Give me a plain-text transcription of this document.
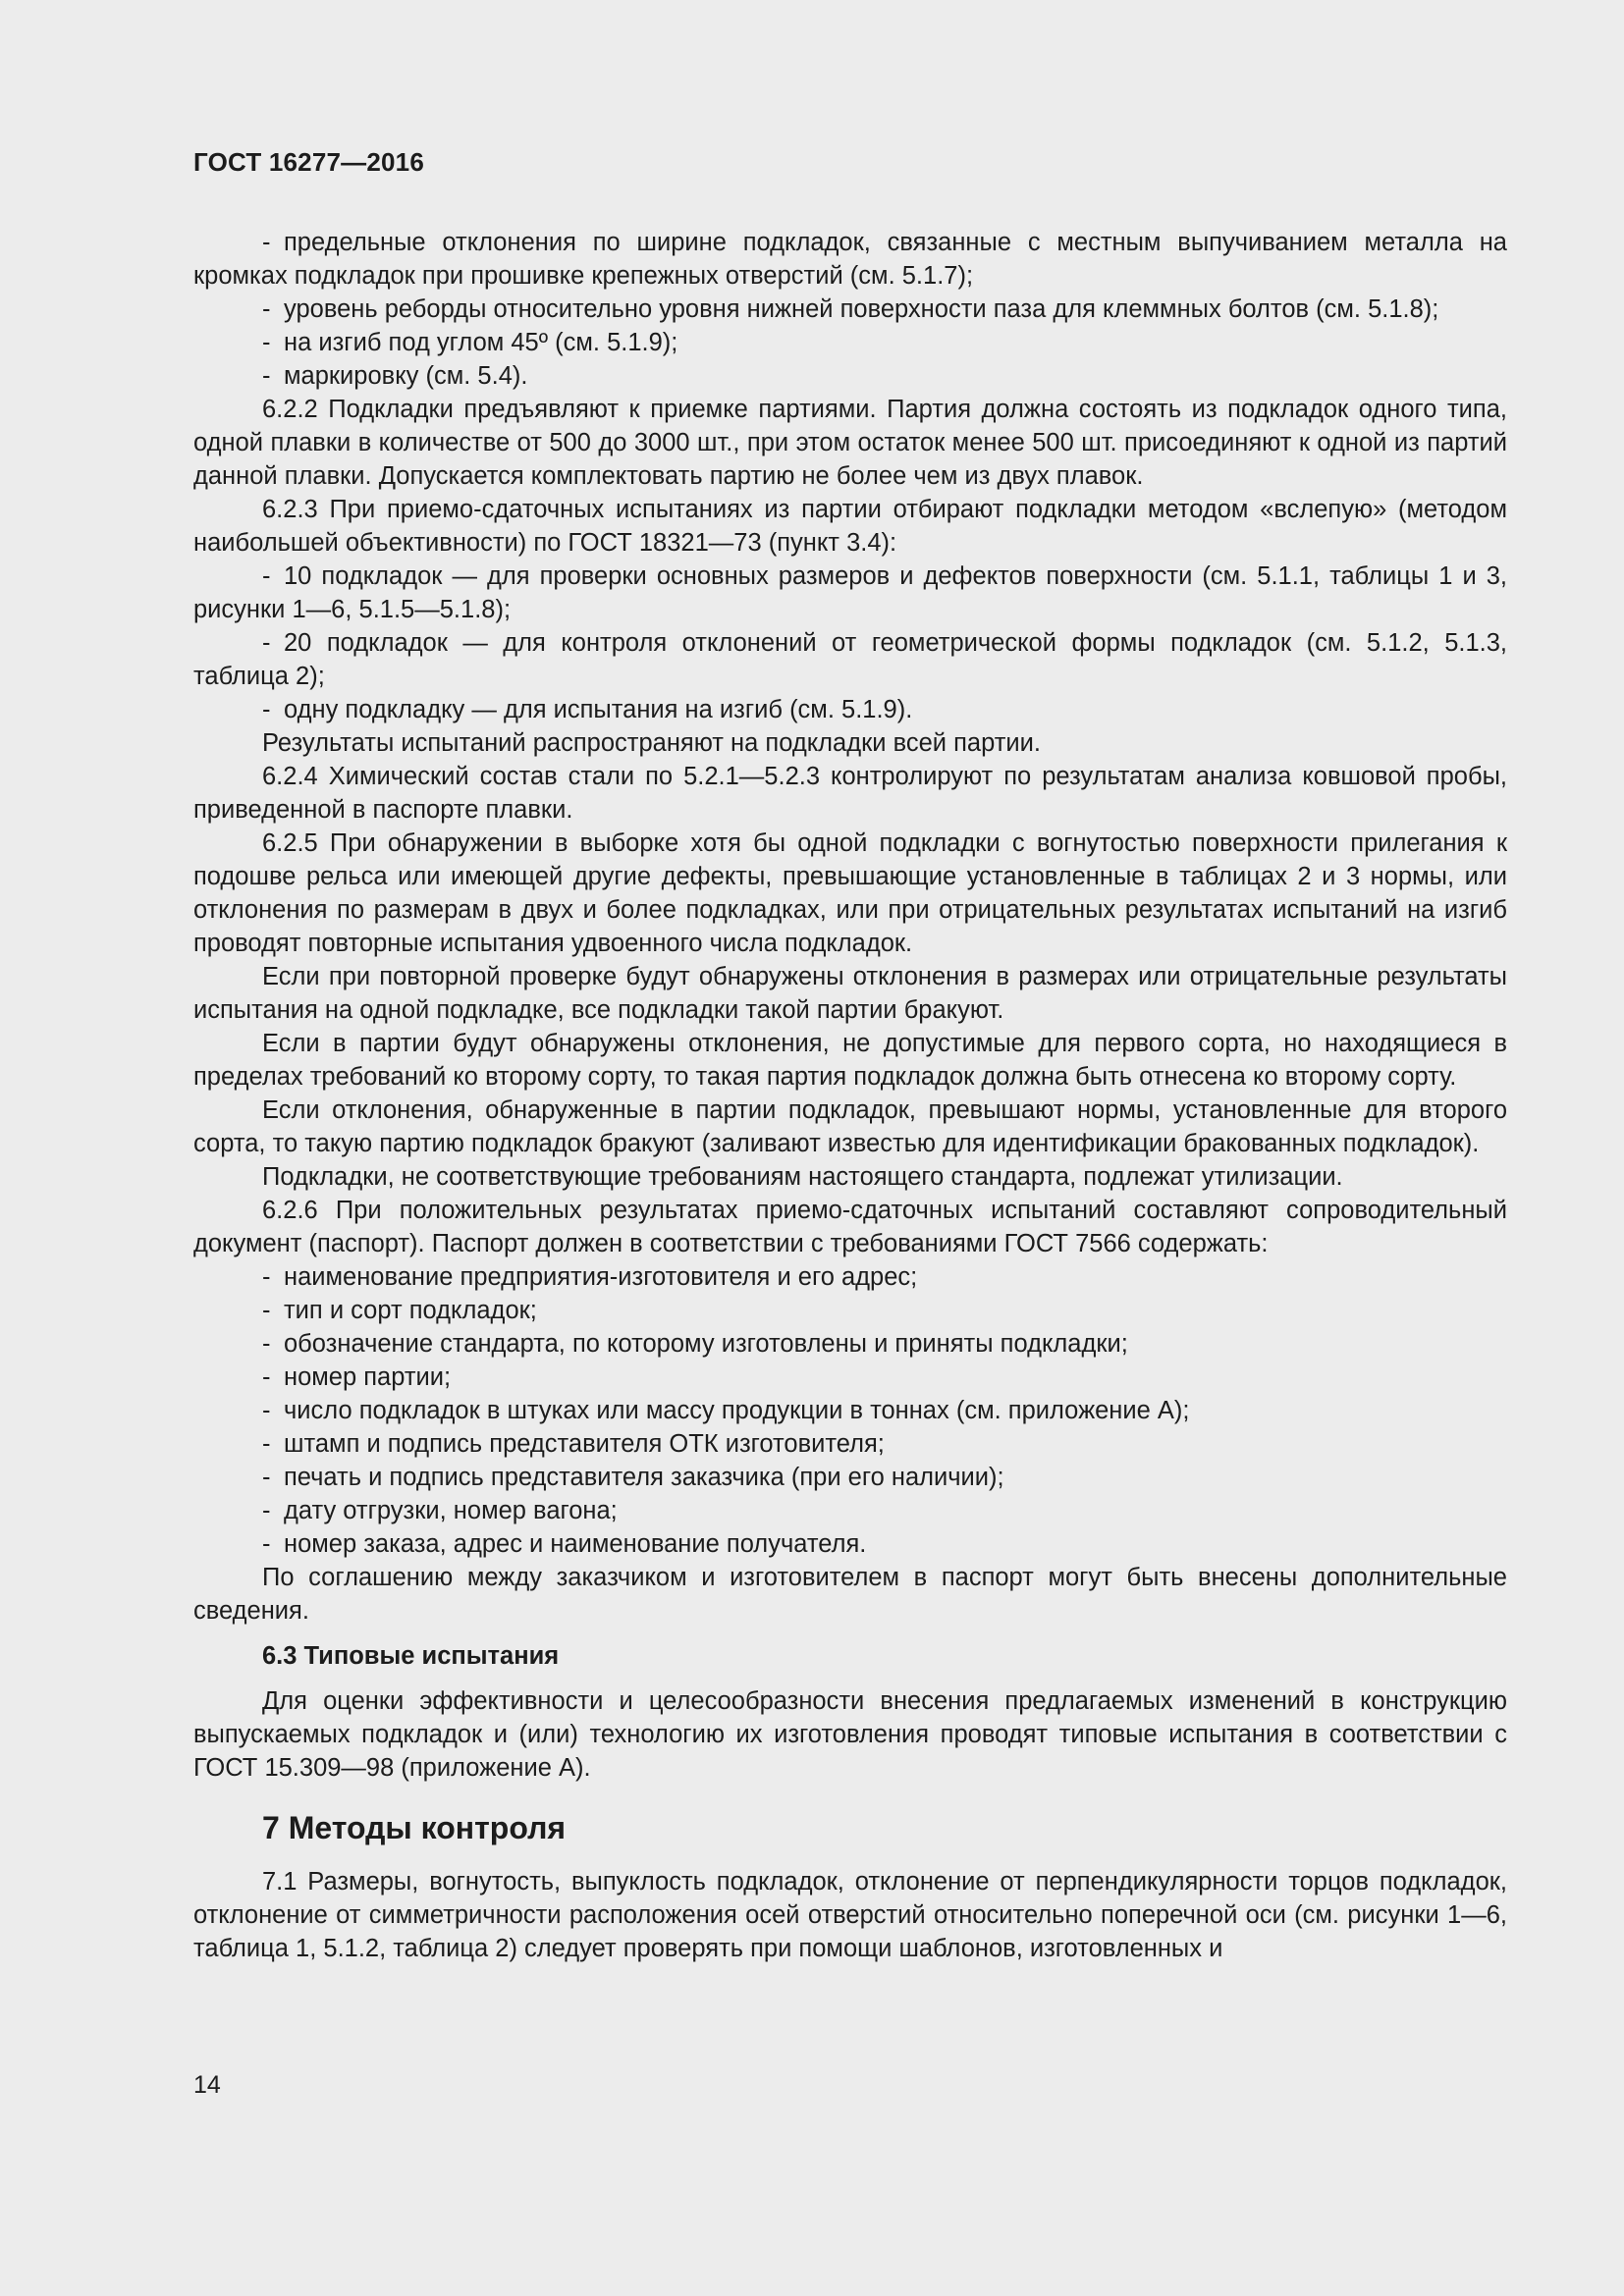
ГОСТ 16277—2016

- предельные отклонения по ширине подкладок, связанные с местным выпучиванием металла на кромках подкладок при прошивке крепежных отверстий (см. 5.1.7);

- уровень реборды относительно уровня нижней поверхности паза для клеммных болтов (см. 5.1.8);

- на изгиб под углом 45º (см. 5.1.9);

- маркировку (см. 5.4).

6.2.2 Подкладки предъявляют к приемке партиями. Партия должна состоять из подкладок одного типа, одной плавки в количестве от 500 до 3000 шт., при этом остаток менее 500 шт. присоединяют к одной из партий данной плавки. Допускается комплектовать партию не более чем из двух плавок.

6.2.3 При приемо-сдаточных испытаниях из партии отбирают подкладки методом «вслепую» (методом наибольшей объективности) по ГОСТ 18321—73 (пункт 3.4):

- 10 подкладок — для проверки основных размеров и дефектов поверхности (см. 5.1.1, таблицы 1 и 3, рисунки 1—6, 5.1.5—5.1.8);

- 20 подкладок — для контроля отклонений от геометрической формы подкладок (см. 5.1.2, 5.1.3, таблица 2);

- одну подкладку — для испытания на изгиб (см. 5.1.9).

Результаты испытаний распространяют на подкладки всей партии.

6.2.4 Химический состав стали по 5.2.1—5.2.3 контролируют по результатам анализа ковшовой пробы, приведенной в паспорте плавки.

6.2.5 При обнаружении в выборке хотя бы одной подкладки с вогнутостью поверхности прилегания к подошве рельса или имеющей другие дефекты, превышающие установленные в таблицах 2 и 3 нормы, или отклонения по размерам в двух и более подкладках, или при отрицательных результатах испытаний на изгиб проводят повторные испытания удвоенного числа подкладок.

Если при повторной проверке будут обнаружены отклонения в размерах или отрицательные результаты испытания на одной подкладке, все подкладки такой партии бракуют.

Если в партии будут обнаружены отклонения, не допустимые для первого сорта, но находящиеся в пределах требований ко второму сорту, то такая партия подкладок должна быть отнесена ко второму сорту.

Если отклонения, обнаруженные в партии подкладок, превышают нормы, установленные для второго сорта, то такую партию подкладок бракуют (заливают известью для идентификации бракованных подкладок).

Подкладки, не соответствующие требованиям настоящего стандарта, подлежат утилизации.

6.2.6 При положительных результатах приемо-сдаточных испытаний составляют сопроводительный документ (паспорт). Паспорт должен в соответствии с требованиями ГОСТ 7566 содержать:

- наименование предприятия-изготовителя и его адрес;

- тип и сорт подкладок;

- обозначение стандарта, по которому изготовлены и приняты подкладки;

- номер партии;

- число подкладок в штуках или массу продукции в тоннах (см. приложение А);

- штамп и подпись представителя ОТК изготовителя;

- печать и подпись представителя заказчика (при его наличии);

- дату отгрузки, номер вагона;

- номер заказа, адрес и наименование получателя.

По соглашению между заказчиком и изготовителем в паспорт могут быть внесены дополнительные сведения.

6.3 Типовые испытания

Для оценки эффективности и целесообразности внесения предлагаемых изменений в конструкцию выпускаемых подкладок и (или) технологию их изготовления проводят типовые испытания в соответствии с ГОСТ 15.309—98 (приложение А).

7 Методы контроля

7.1 Размеры, вогнутость, выпуклость подкладок, отклонение от перпендикулярности торцов подкладок, отклонение от симметричности расположения осей отверстий относительно поперечной оси (см. рисунки 1—6, таблица 1, 5.1.2, таблица 2) следует проверять при помощи шаблонов, изготовленных и

14
